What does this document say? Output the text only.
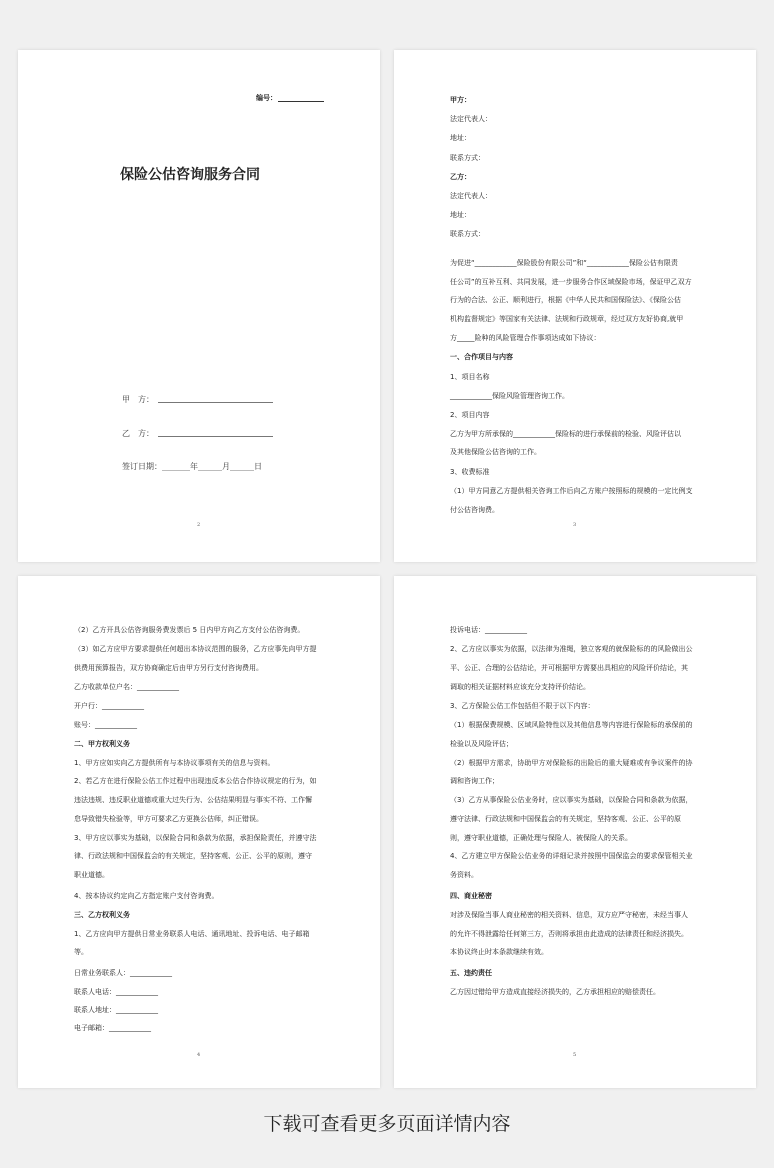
编号：
保险公估咨询服务合同
甲　方：
乙　方：
签订日期：_______年______月______日
2
甲方：
法定代表人：
地址：
联系方式：
乙方：
法定代表人：
地址：
联系方式：
为促进“____________保险股份有限公司”和“____________保险公估有限责
任公司”的互补互利、共同发展，进一步服务合作区域保险市场，保证甲乙双方
行为的合法、公正、顺利进行，根据《中华人民共和国保险法》、《保险公估
机构监督规定》等国家有关法律、法规和行政规章，经过双方友好协商,就甲
方_____险种的风险管理合作事项达成如下协议：
一、合作项目与内容
1、项目名称
____________保险风险管理咨询工作。
2、项目内容
乙方为甲方所承保的____________保险标的进行承保前的检验、风险评估以
及其他保险公估咨询的工作。
3、收费标准
（1）甲方同意乙方提供相关咨询工作后向乙方账户按照标的规模的一定比例支
付公估咨询费。
3
（2）乙方开具公估咨询服务费发票后 5 日内甲方向乙方支付公估咨询费。
（3）如乙方应甲方要求提供任何超出本协议范围的服务，乙方应事先向甲方提
供费用预算报告，双方协商确定后由甲方另行支付咨询费用。
乙方收款单位户名：____________
开户行：____________
账号：____________
二、甲方权利义务
1、甲方应如实向乙方提供所有与本协议事项有关的信息与资料。
2、若乙方在进行保险公估工作过程中出现违反本公估合作协议规定的行为，如
违法违规、违反职业道德或重大过失行为、公估结果明显与事实不符、工作懈
怠导致错失检验等，甲方可要求乙方更换公估师，纠正错误。
3、甲方应以事实为基础，以保险合同和条款为依据，承担保险责任，并遵守法
律、行政法规和中国保监会的有关规定，坚持客观、公正、公平的原则，遵守
职业道德。
4、按本协议约定向乙方指定账户支付咨询费。
三、乙方权利义务
1、乙方应向甲方提供日常业务联系人电话、通讯地址、投诉电话、电子邮箱
等。
日常业务联系人：____________
联系人电话：____________
联系人地址：____________
电子邮箱：____________
4
投诉电话：____________
2、乙方应以事实为依据，以法律为准绳，独立客观的就保险标的的风险做出公
平、公正、合理的公估结论，并可根据甲方需要出具相应的风险评价结论，其
调取的相关证据材料应该充分支持评价结论。
3、乙方保险公估工作包括但不限于以下内容：
（1）根据保费规模、区域风险特性以及其他信息等内容进行保险标的承保前的
检验以及风险评估；
（2）根据甲方需求，协助甲方对保险标的出险后的重大疑难或有争议案件的协
调和咨询工作；
（3）乙方从事保险公估业务时，应以事实为基础，以保险合同和条款为依据，
遵守法律、行政法规和中国保监会的有关规定，坚持客观、公正、公平的原
则，遵守职业道德，正确处理与保险人、被保险人的关系。
4、乙方建立甲方保险公估业务的详细记录并按照中国保监会的要求保管相关业
务资料。
四、商业秘密
对涉及保险当事人商业秘密的相关资料、信息，双方应严守秘密，未经当事人
的允许不得泄露给任何第三方，否则将承担由此造成的法律责任和经济损失。
本协议终止时本条款继续有效。
五、违约责任
乙方因过错给甲方造成直接经济损失的，乙方承担相应的赔偿责任。
5
下载可查看更多页面详情内容
